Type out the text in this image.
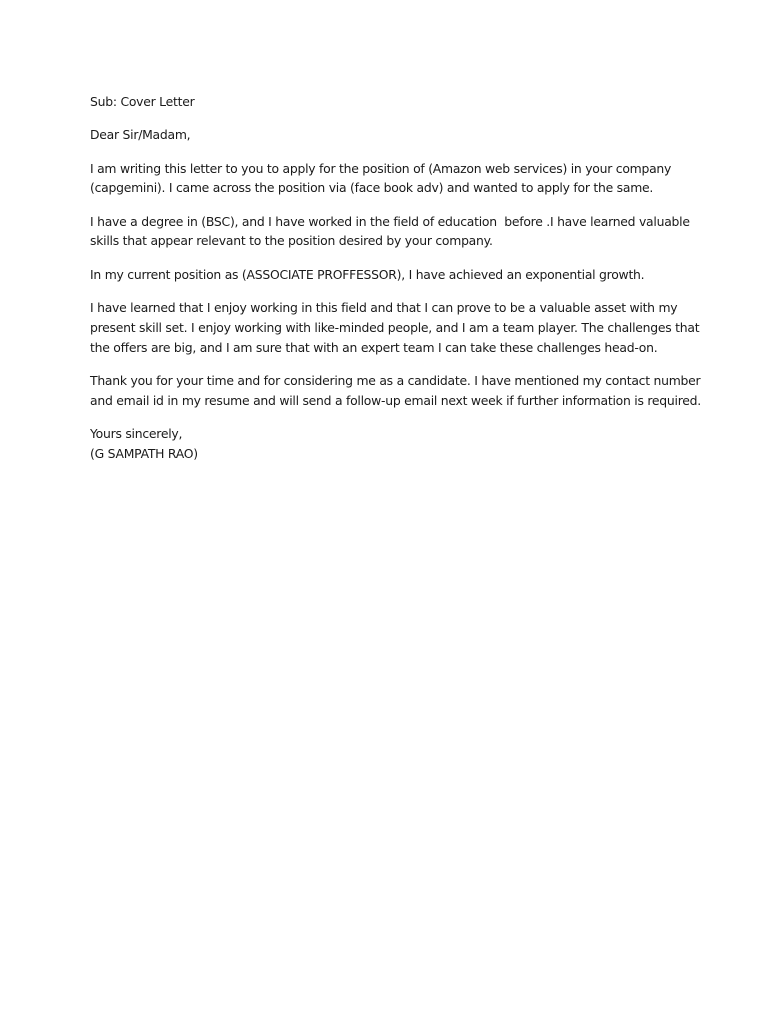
Sub: Cover Letter

Dear Sir/Madam,

I am writing this letter to you to apply for the position of (Amazon web services) in your company
(capgemini). I came across the position via (face book adv) and wanted to apply for the same.

I have a degree in (BSC), and I have worked in the field of education  before .I have learned valuable
skills that appear relevant to the position desired by your company.

In my current position as (ASSOCIATE PROFFESSOR), I have achieved an exponential growth.

I have learned that I enjoy working in this field and that I can prove to be a valuable asset with my
present skill set. I enjoy working with like-minded people, and I am a team player. The challenges that
the offers are big, and I am sure that with an expert team I can take these challenges head-on.

Thank you for your time and for considering me as a candidate. I have mentioned my contact number
and email id in my resume and will send a follow-up email next week if further information is required.

Yours sincerely,
(G SAMPATH RAO)
